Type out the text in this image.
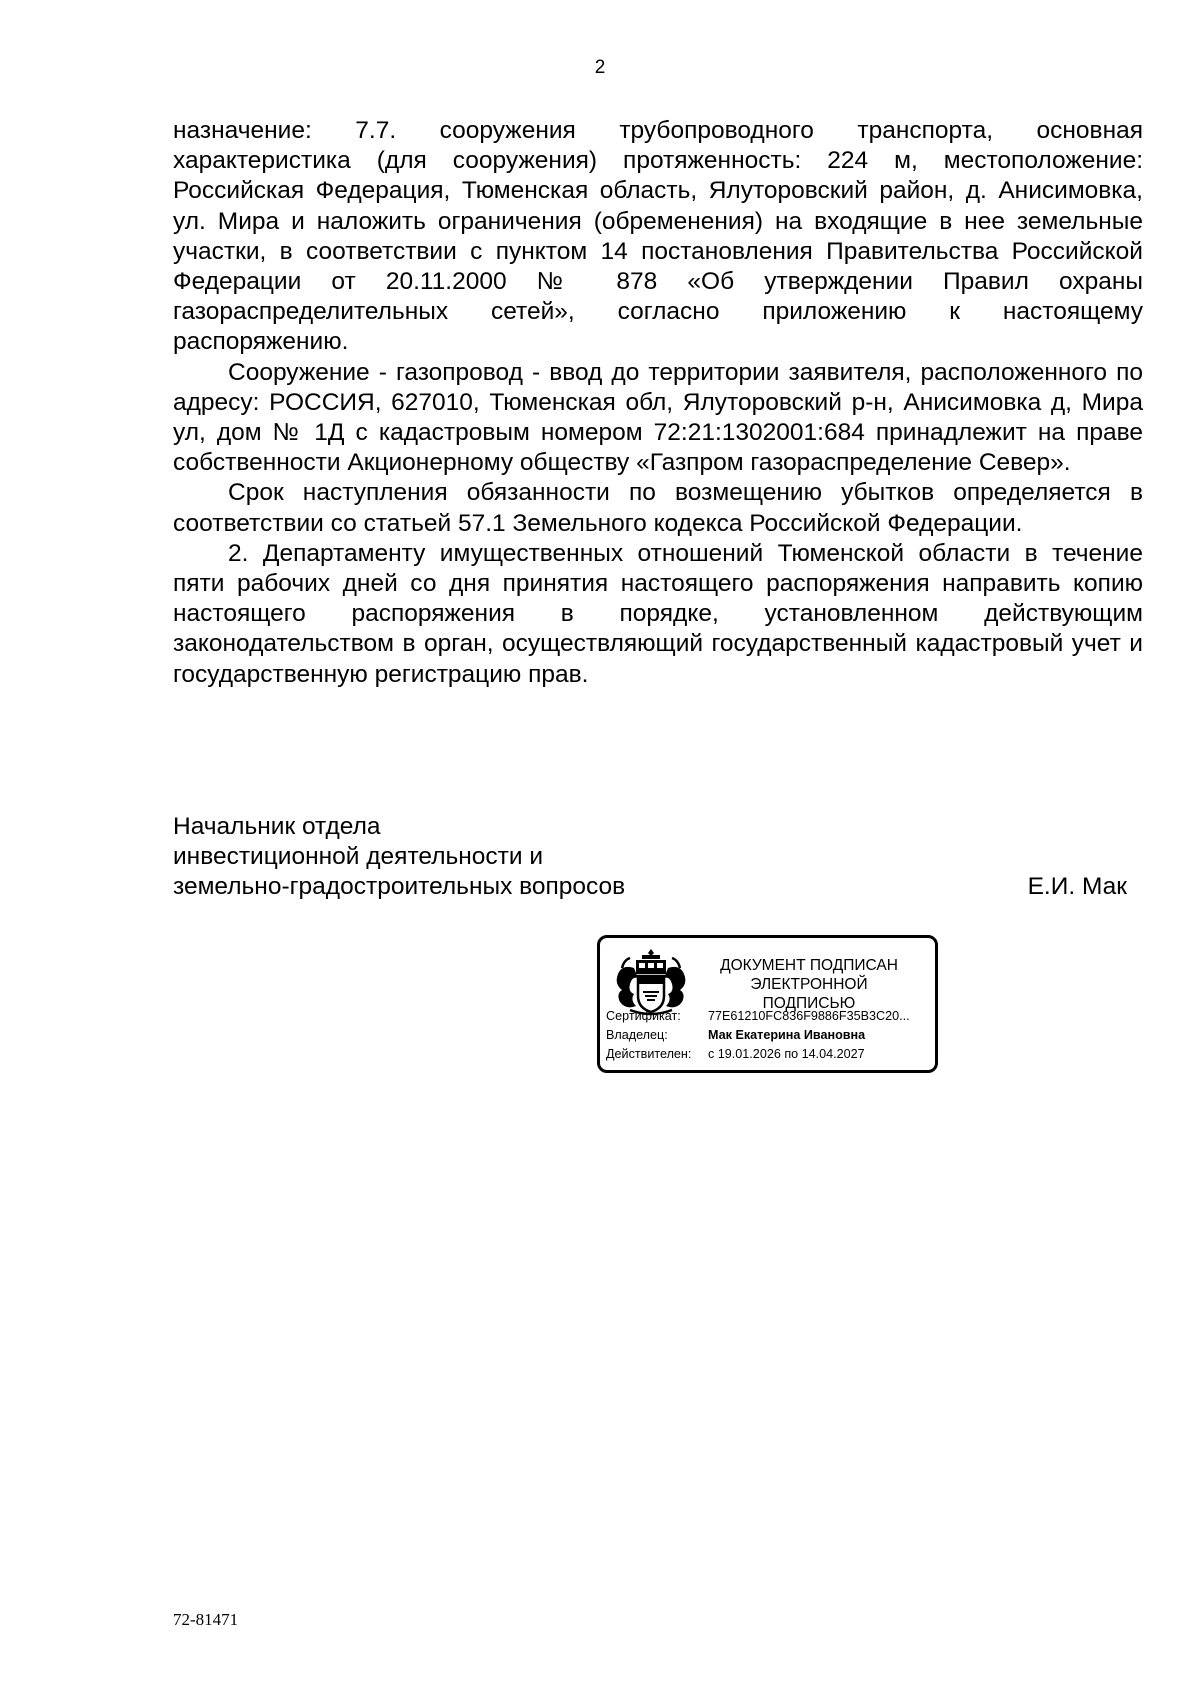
2

назначение: 7.7. сооружения трубопроводного транспорта, основная характеристика (для сооружения) протяженность: 224 м, местоположение: Российская Федерация, Тюменская область, Ялуторовский район, д. Анисимовка, ул. Мира и наложить ограничения (обременения) на входящие в нее земельные участки, в соответствии с пунктом 14 постановления Правительства Российской Федерации от 20.11.2000 № 878 «Об утверждении Правил охраны газораспределительных сетей», согласно приложению к настоящему распоряжению.

Сооружение - газопровод - ввод до территории заявителя, расположенного по адресу: РОССИЯ, 627010, Тюменская обл, Ялуторовский р-н, Анисимовка д, Мира ул, дом № 1Д с кадастровым номером 72:21:1302001:684 принадлежит на праве собственности Акционерному обществу «Газпром газораспределение Север».

Срок наступления обязанности по возмещению убытков определяется в соответствии со статьей 57.1 Земельного кодекса Российской Федерации.

2. Департаменту имущественных отношений Тюменской области в течение пяти рабочих дней со дня принятия настоящего распоряжения направить копию настоящего распоряжения в порядке, установленном действующим законодательством в орган, осуществляющий государственный кадастровый учет и государственную регистрацию прав.

Начальник отдела
инвестиционной деятельности и
земельно-градостроительных вопросов	Е.И. Мак
ДОКУМЕНТ ПОДПИСАН
ЭЛЕКТРОННОЙ ПОДПИСЬЮ
Сертификат: 77E61210FC836F9886F35B3C20...
Владелец:	Мак Екатерина Ивановна
Действителен: с 19.01.2026 по 14.04.2027
72-81471
